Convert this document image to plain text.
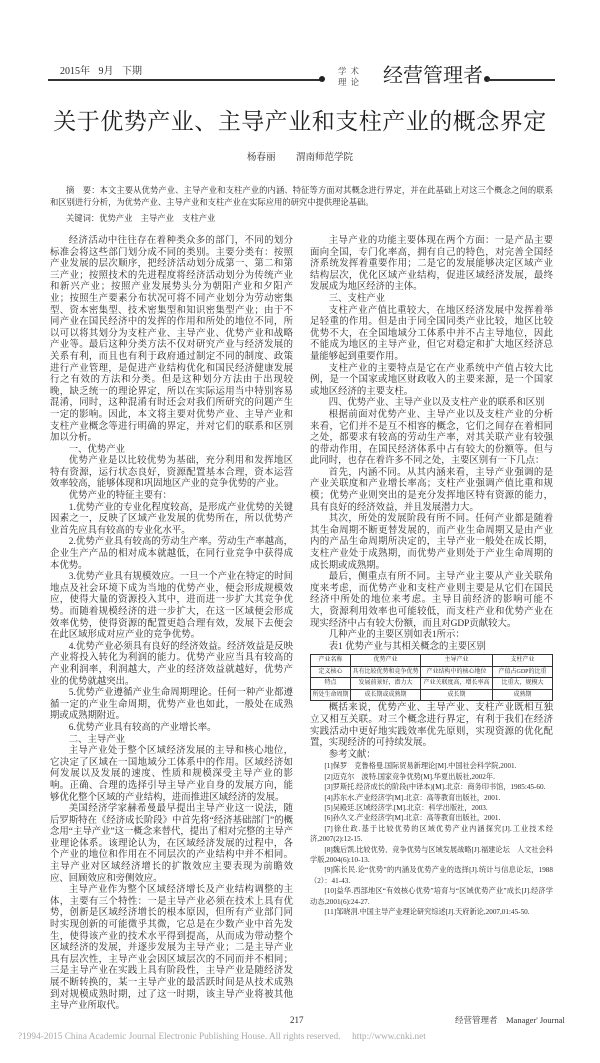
2015年 9月 下期	学术理论 经营管理者
关于优势产业、主导产业和支柱产业的概念界定
杨春丽 渭南师范学院

摘　要：本文主要从优势产业、主导产业和支柱产业的内涵、特征等方面对其概念进行界定，并在此基础上对这三个概念之间的联系和区别进行分析，为优势产业、主导产业和支柱产业在实际应用的研究中提供理论基础。

关键词：优势产业　主导产业　支柱产业

经济活动中往往存在着种类众多的部门，不同的划分标准会将这些部门划分成不同的类别。主要分类有：按照产业发展的层次顺序，把经济活动划分成第一、第二和第三产业；按照技术的先进程度将经济活动划分为传统产业和新兴产业；按照产业发展势头分为朝阳产业和夕阳产业；按照生产要素分布状况可将不同产业划分为劳动密集型、资本密集型、技术密集型和知识密集型产业；由于不同产业在国民经济中的发挥的作用和所处的地位不同，所以可以将其划分为支柱产业、主导产业、优势产业和战略产业等。最后这种分类方法不仅对研究产业与经济发展的关系有利，而且也有利于政府通过制定不同的制度、政策进行产业管理，是促进产业结构优化和国民经济健康发展行之有效的方法和分类。但是这种划分方法由于出现较晚，缺乏统一的理论界定，所以在实际运用当中特别容易混淆，同时，这种混淆有时还会对我们所研究的问题产生一定的影响。因此，本文将主要对优势产业、主导产业和支柱产业概念等进行明确的界定，并对它们的联系和区别加以分析。

一、优势产业

优势产业是以比较优势为基础，充分利用和发挥地区特有资源，运行状态良好，资源配置基本合理，资本运营效率较高，能够体现和巩固地区产业的竞争优势的产业。

优势产业的特征主要有：

1.优势产业的专业化程度较高，是形成产业优势的关键因素之一，反映了区域产业发展的优势所在，所以优势产业首先应具有较高的专业化水平。

2.优势产业具有较高的劳动生产率。劳动生产率越高，企业生产产品的相对成本就越低，在同行业竞争中获得成本优势。

3.优势产业具有规模效应。一旦一个产业在特定的时间地点及社会环境下成为当地的优势产业，便会形成规模效应，使得大量的资源投入其中，进而进一步扩大其竞争优势。而随着规模经济的进一步扩大，在这一区域便会形成效率优势，使得资源的配置更趋合理有效，发展下去便会在此区域形成对应产业的竞争优势。

4.优势产业必须具有良好的经济效益。经济效益是反映产业将投入转化为利润的能力。优势产业应当具有较高的产业利润率，利润越大，产业的经济效益就越好，优势产业的优势就越突出。

5.优势产业遵循产业生命周期理论。任何一种产业都遵循一定的产业生命周期，优势产业也如此，一般处在成熟期或成熟期附近。

6.优势产业具有较高的产业增长率。

二、主导产业

主导产业处于整个区域经济发展的主导和核心地位，它决定了区域在一国地域分工体系中的作用。区域经济如何发展以及发展的速度、性质和规模深受主导产业的影响。正确、合理的选择引导主导产业自身的发展方向，能够优化整个区域的产业结构，进而推进区域经济的发展。

美国经济学家赫希曼最早提出主导产业这一说法，随后罗斯特在《经济成长阶段》中首先将“经济基础部门”的概念用“主导产业”这一概念来替代，提出了相对完整的主导产业理论体系。该理论认为，在区域经济发展的过程中，各个产业的地位和作用在不同层次的产业结构中并不相同。主导产业对区域经济增长的扩散效应主要表现为前瞻效应、回顾效应和旁侧效应。

主导产业作为整个区域经济增长及产业结构调整的主体，主要有三个特性：一是主导产业必须在技术上具有优势，创新是区域经济增长的根本原因，但所有产业部门同时实现创新的可能微乎其微，它总是在少数产业中首先发生，使得该产业的技术水平得到提高，从而成为带动整个区域经济的发展，并逐步发展为主导产业；二是主导产业具有层次性，主导产业会因区域层次的不同而并不相同；三是主导产业在实践上具有阶段性，主导产业是随经济发展不断转换的，某一主导产业的最活跃时间是从技术成熟到对规模成熟时期，过了这一时期，该主导产业将被其他主导产业所取代。

主导产业的功能主要体现在两个方面：一是产品主要面向全国，专门化率高，拥有自己的特色，对完善全国经济系统发挥着重要作用；二是它的发展能够决定区域产业结构层次，优化区域产业结构，促进区域经济发展，最终发展成为地区经济的主体。

三、支柱产业

支柱产业产值比重较大，在地区经济发展中发挥着举足轻重的作用。但是由于同全国同类产业比较，地区比较优势不大，在全国地域分工体系中并不占主导地位，因此不能成为地区的主导产业，但它对稳定和扩大地区经济总量能够起到重要作用。

支柱产业的主要特点是它在产业系统中产值占较大比例，是一个国家或地区财政收入的主要来源，是一个国家或地区经济的主要支柱。

四、优势产业、主导产业以及支柱产业的联系和区别

根据前面对优势产业、主导产业以及支柱产业的分析来看，它们并不是互不相容的概念，它们之间存在着相同之处，都要求有较高的劳动生产率，对其关联产业有较强的带动作用，在国民经济体系中占有较大的份额等。但与此同时，也存在着许多不同之处，主要区别有一下几点：

首先，内涵不同。从其内涵来看，主导产业强调的是产业关联度和产业增长率高；支柱产业强调产值比重和规模；优势产业则突出的是充分发挥地区特有资源的能力，具有良好的经济效益，并且发展潜力大。

其次，所处的发展阶段有所不同。任何产业都是随着其生命周期不断更替发展的，而产业生命周期又是由产业内的产品生命周期所决定的，主导产业一般处在成长期，支柱产业处于成熟期，而优势产业则处于产业生命周期的成长期或成熟期。

最后，侧重点有所不同。主导产业主要从产业关联角度来考虑，而优势产业和支柱产业则主要是从它们在国民经济中所处的地位来考虑。主导目前经济的影响可能不大，资源利用效率也可能较低，而支柱产业和优势产业在现实经济中占有较大份额，而且对GDP贡献较大。

几种产业的主要区别如表1所示：

表1 优势产业与其相关概念的主要区别

产业名称	优势产业	主导产业	支柱产业
定义核心	具有比较优势和竞争优势	产业结构中的核心地位	产值占GDP的比重
特点	发展前景好，潜力大	产业关联度高，增长率高	比重大，规模大
所处生命周期	成长期或成熟期	成长期	成熟期

概括来说，优势产业、主导产业、支柱产业既相互独立又相互关联。对三个概念进行界定，有利于我们在经济实践活动中更好地实践效率优先原则，实现资源的优化配置，实现经济的可持续发展。

参考文献：

[1]保罗　克鲁格曼.国际贸易新理论[M].中国社会科学院,2001.

[2]迈克尔　波特.国家竞争优势[M].华夏出版社,2002年.

[3]罗斯托.经济成长的阶段(中译本)[M].北京：商务印书馆，1985:45-60.

[4]苏东水.产业经济学[M].北京：高等教育出版社，2001.

[5]吴殿廷.区域经济学.[M].北京：科学出版社，2003.

[6]孙久文.产业经济学[M].北京：高等教育出版社，2001.

[7]徐仕政.基于比较优势的区域优势产业内涵探究[J].工业技术经济,2007(2):12-15.

[8]魏后凯.比较优势、竞争优势与区域发展战略[J].福建论坛　人文社会科学版,2004(6):10-13.

[9]陈长民.论“优势”的内涵及优势产业的选择[J].统计与信息论坛，1988（2）：41-43.

[10]益华.西部地区“有效核心优势”培育与“区域优势产业”成长[J].经济学动态,2001(6):24-27.

[11]邹晓涓.中国主导产业理论研究综述[J].天府新论,2007,01:45-50.

217	经营管理者　Manager' Journal
?1994-2015 China Academic Journal Electronic Publishing House. All rights reserved.　 http://www.cnki.net
